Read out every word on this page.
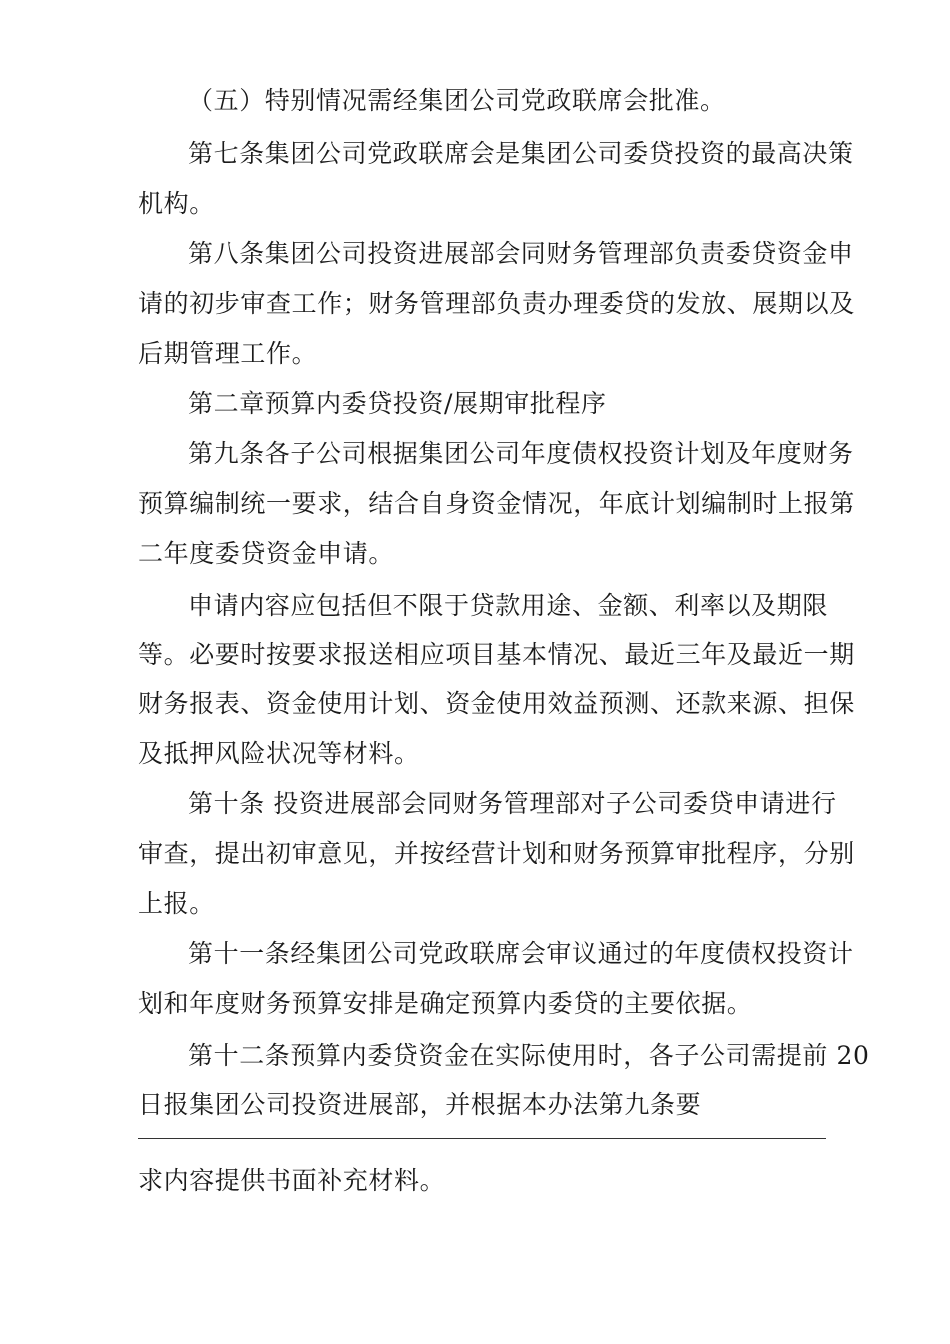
（五）特别情况需经集团公司党政联席会批准。
第七条集团公司党政联席会是集团公司委贷投资的最高决策
机构。
第八条集团公司投资进展部会同财务管理部负责委贷资金申
请的初步审查工作；财务管理部负责办理委贷的发放、展期以及
后期管理工作。
第二章预算内委贷投资/展期审批程序
第九条各子公司根据集团公司年度债权投资计划及年度财务
预算编制统一要求，结合自身资金情况，年底计划编制时上报第
二年度委贷资金申请。
申请内容应包括但不限于贷款用途、金额、利率以及期限
等。必要时按要求报送相应项目基本情况、最近三年及最近一期
财务报表、资金使用计划、资金使用效益预测、还款来源、担保
及抵押风险状况等材料。
第十条 投资进展部会同财务管理部对子公司委贷申请进行
审查，提出初审意见，并按经营计划和财务预算审批程序，分别
上报。
第十一条经集团公司党政联席会审议通过的年度债权投资计
划和年度财务预算安排是确定预算内委贷的主要依据。
第十二条预算内委贷资金在实际使用时，各子公司需提前 20
日报集团公司投资进展部，并根据本办法第九条要
求内容提供书面补充材料。
